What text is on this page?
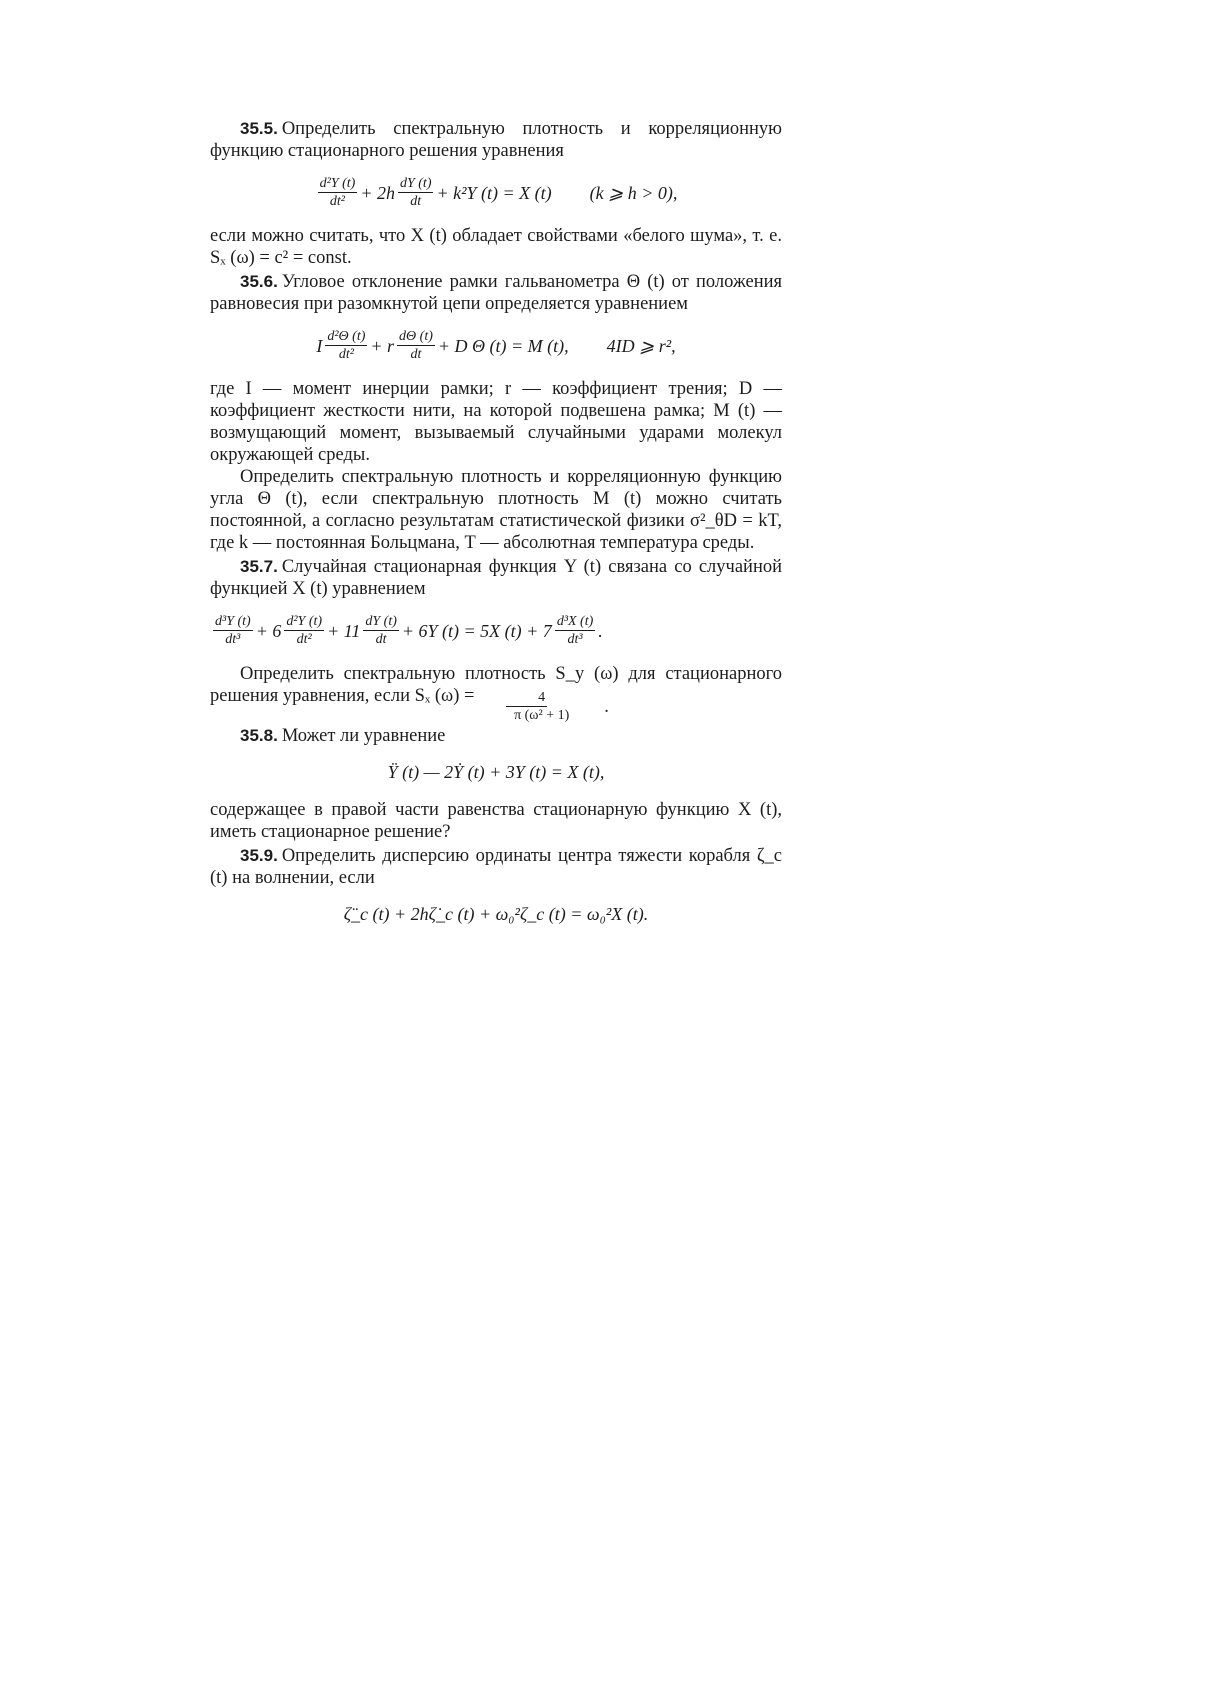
35.5. Определить спектральную плотность и корреляционную функцию стационарного решения уравнения

$\frac{\text{d²Y (t)}}{\text{dt²}} + 2h \frac{dY (t)}{dt} + k^2Y$ (t) = X (t) (k ⩾ h > 0),

если можно считать, что X (t) обладает свойствами «белого шума», т. е. Sₓ (ω) = c² = const.

35.6. Угловое отклонение рамки гальванометра Θ (t) от положения равновесия при разомкнутой цепи определяется уравнением

I $\frac{\text{d²Θ (t)}}{\text{dt²}} + r \frac{d\Theta (t)}{dt} + D$ Θ (t) = M (t), 4ID ⩾ r²,

где I — момент инерции рамки; r — коэффициент трения; D — коэффициент жесткости нити, на которой подвешена рамка; M (t) — возмущающий момент, вызываемый случайными ударами молекул окружающей среды.

Определить спектральную плотность и корреляционную функцию угла Θ (t), если спектральную плотность M (t) можно считать постоянной, а согласно результатам статистической физики σ²_θD = kT, где k — постоянная Больцмана, T — абсолютная температура среды.

35.7. Случайная стационарная функция Y (t) связана со случайной функцией X (t) уравнением

$\frac{\text{d³Y (t)}}{\text{dt³}} + 6 \frac{\text{d²Y (t)}}{\text{dt²}} + 11 \frac{dY (t)}{dt} + 6Y$ (t) = 5X $(t) + 7 \frac{\text{d³X (t)}}{\text{dt³}}$ .

Определить спектральную плотность S_y (ω) для стационарного решения уравнения, если Sₓ $(\omega) = \frac{4}{\text{π (ω² + 1)}}$	.

35.8. Может ли уравнение

Ÿ (t) — 2Ẏ (t) + 3Y (t) = X (t),

содержащее в правой части равенства стационарную функцию X (t), иметь стационарное решение?

35.9. Определить дисперсию ординаты центра тяжести корабля ζ_c (t) на волнении, если

ζ̈_c (t) + 2hζ̇_c (t) + ω₀²ζ_c (t) = ω₀²X (t).
